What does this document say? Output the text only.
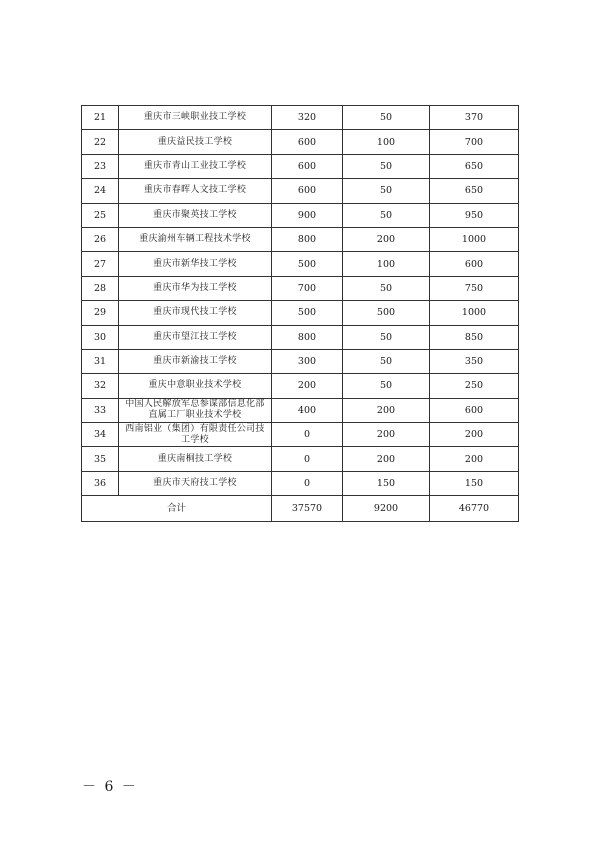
21	重庆市三峡职业技工学校	320	50	370
22	重庆益民技工学校	600	100	700
23	重庆市青山工业技工学校	600	50	650
24	重庆市春晖人文技工学校	600	50	650
25	重庆市聚英技工学校	900	50	950
26	重庆渝州车辆工程技术学校	800	200	1000
27	重庆市新华技工学校	500	100	600
28	重庆市华为技工学校	700	50	750
29	重庆市现代技工学校	500	500	1000
30	重庆市望江技工学校	800	50	850
31	重庆市新渝技工学校	300	50	350
32	重庆中意职业技术学校	200	50	250
33	中国人民解放军总参谋部信息化部直属工厂职业技术学校	400	200	600
34	西南铝业（集团）有限责任公司技工学校	0	200	200
35	重庆南桐技工学校	0	200	200
36	重庆市天府技工学校	0	150	150
合计		37570	9200	46770
－ 6 －
